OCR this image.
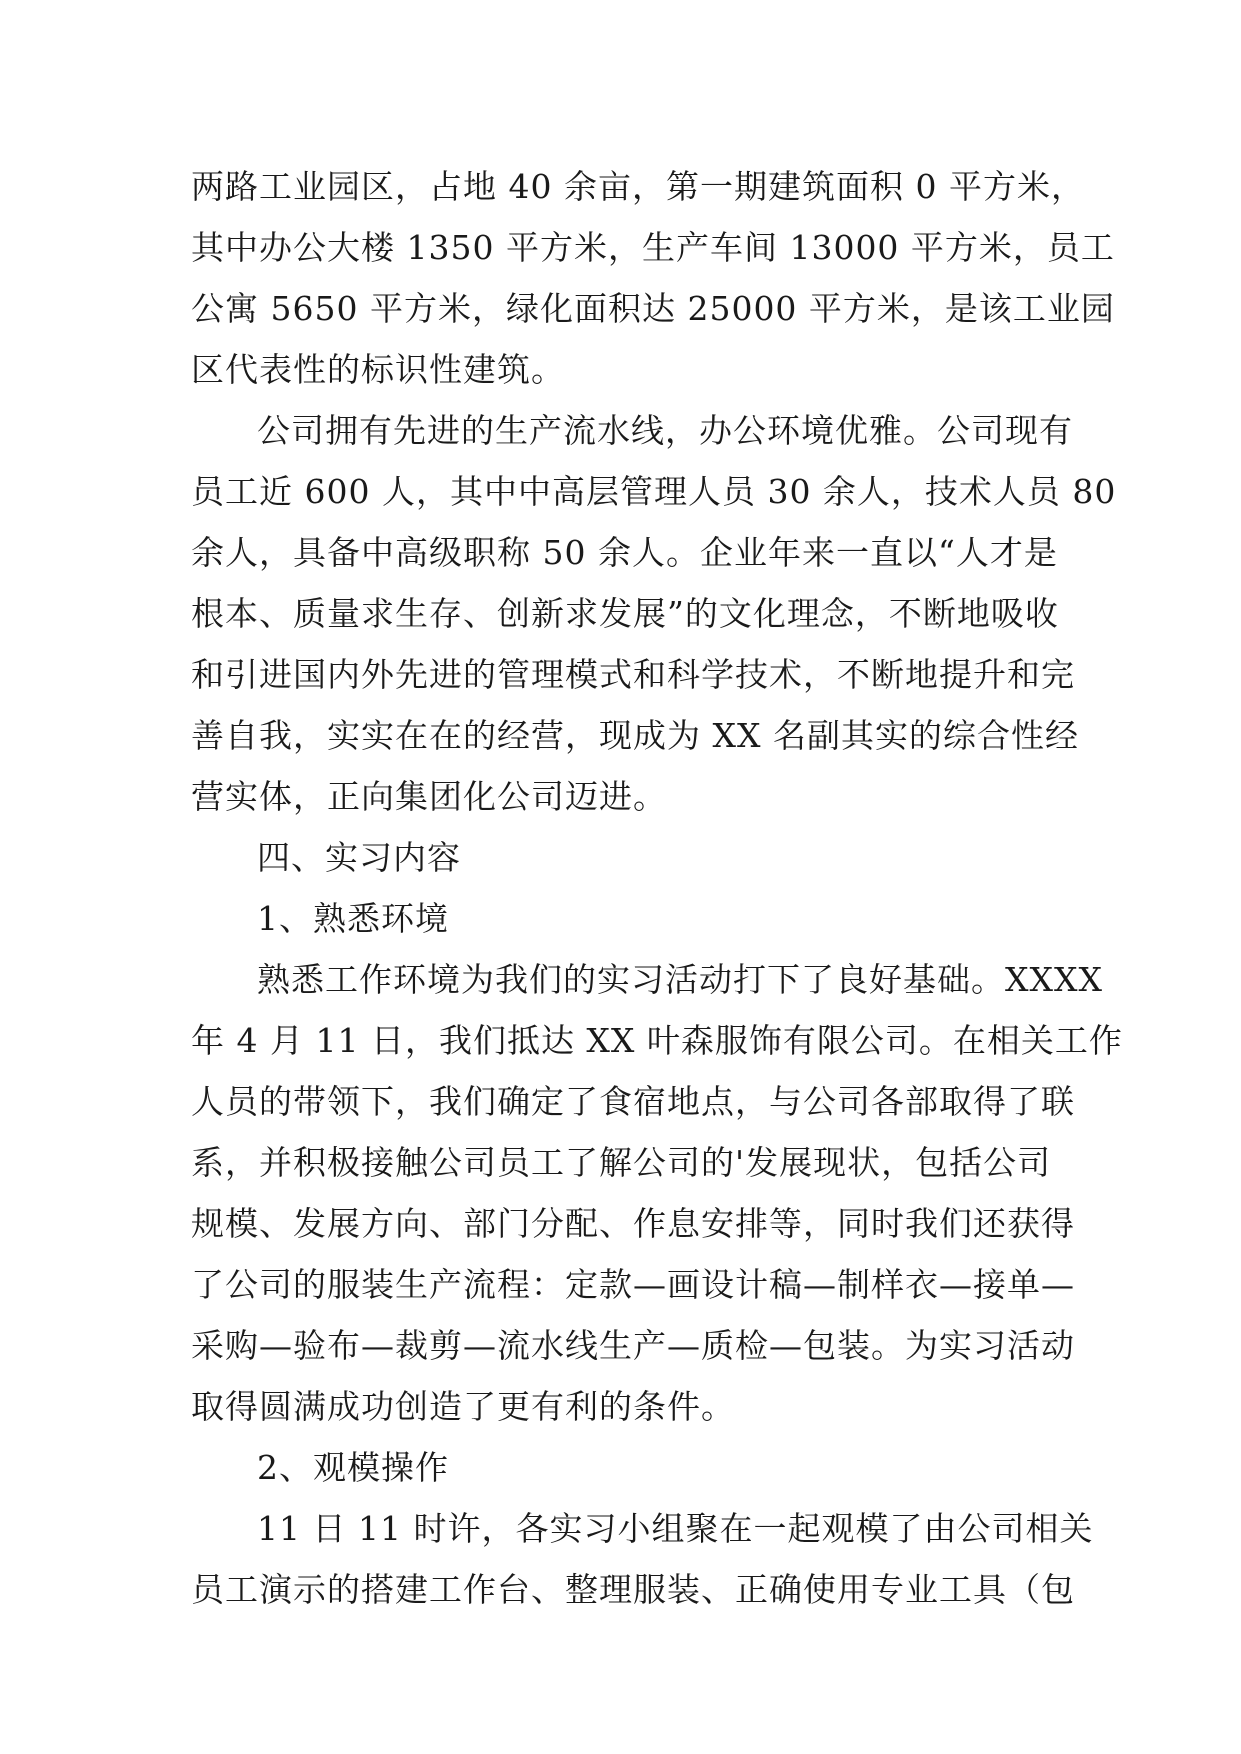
两路工业园区，占地 40 余亩，第一期建筑面积 0 平方米，
其中办公大楼 1350 平方米，生产车间 13000 平方米，员工
公寓 5650 平方米，绿化面积达 25000 平方米，是该工业园
区代表性的标识性建筑。
公司拥有先进的生产流水线，办公环境优雅。公司现有
员工近 600 人，其中中高层管理人员 30 余人，技术人员 80
余人，具备中高级职称 50 余人。企业年来一直以“人才是
根本、质量求生存、创新求发展”的文化理念，不断地吸收
和引进国内外先进的管理模式和科学技术，不断地提升和完
善自我，实实在在的经营，现成为 XX 名副其实的综合性经
营实体，正向集团化公司迈进。
四、实习内容
1、熟悉环境
熟悉工作环境为我们的实习活动打下了良好基础。XXXX
年 4 月 11 日，我们抵达 XX 叶森服饰有限公司。在相关工作
人员的带领下，我们确定了食宿地点，与公司各部取得了联
系，并积极接触公司员工了解公司的'发展现状，包括公司
规模、发展方向、部门分配、作息安排等，同时我们还获得
了公司的服装生产流程：定款—画设计稿—制样衣—接单—
采购—验布—裁剪—流水线生产—质检—包装。为实习活动
取得圆满成功创造了更有利的条件。
2、观模操作
11 日 11 时许，各实习小组聚在一起观模了由公司相关
员工演示的搭建工作台、整理服装、正确使用专业工具（包
